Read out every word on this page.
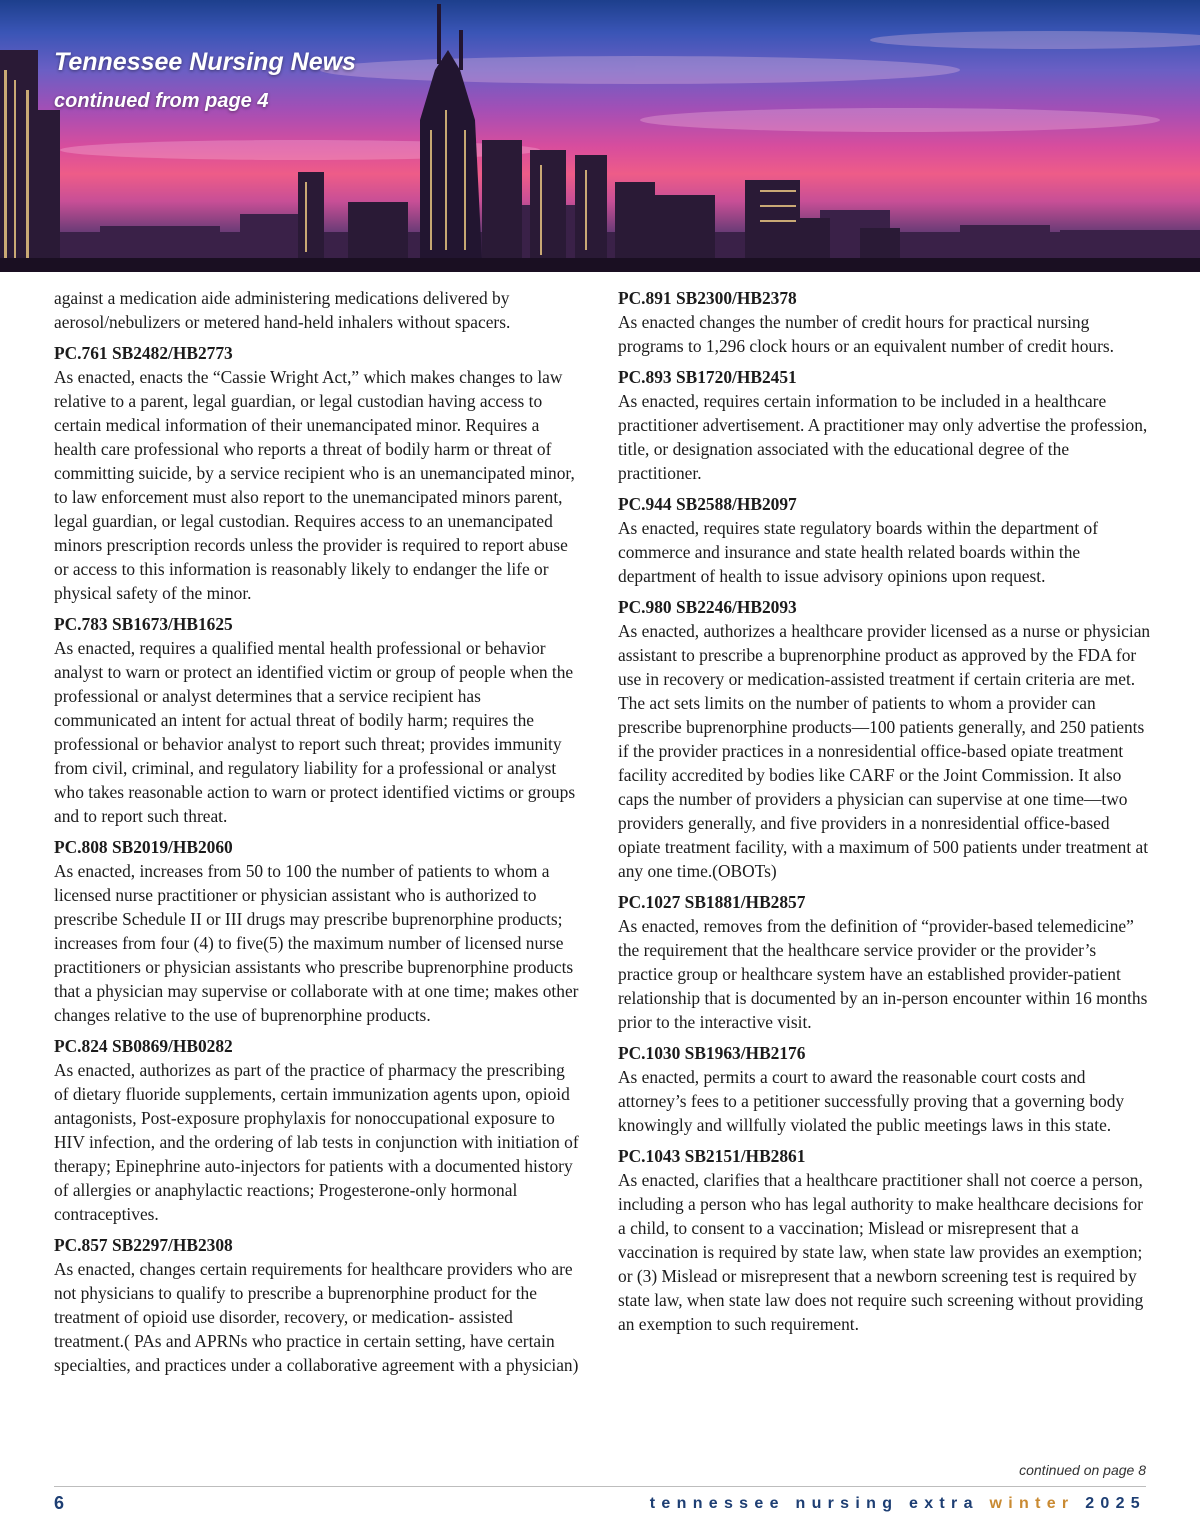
Tennessee Nursing News

continued from page 4

against a medication aide administering medications delivered by aerosol/nebulizers or metered hand-held inhalers without spacers.

PC.761 SB2482/HB2773
As enacted, enacts the “Cassie Wright Act,” which makes changes to law relative to a parent, legal guardian, or legal custodian having access to certain medical information of their unemancipated minor. Requires a health care professional who reports a threat of bodily harm or threat of committing suicide, by a service recipient who is an unemancipated minor, to law enforcement must also report to the unemancipated minors parent, legal guardian, or legal custodian. Requires access to an unemancipated minors prescription records unless the provider is required to report abuse or access to this information is reasonably likely to endanger the life or physical safety of the minor.
PC.783 SB1673/HB1625
As enacted, requires a qualified mental health professional or behavior analyst to warn or protect an identified victim or group of people when the professional or analyst determines that a service recipient has communicated an intent for actual threat of bodily harm; requires the professional or behavior analyst to report such threat; provides immunity from civil, criminal, and regulatory liability for a professional or analyst who takes reasonable action to warn or protect identified victims or groups and to report such threat.
PC.808 SB2019/HB2060
As enacted, increases from 50 to 100 the number of patients to whom a licensed nurse practitioner or physician assistant who is authorized to prescribe Schedule II or III drugs may prescribe buprenorphine products; increases from four (4) to five(5) the maximum number of licensed nurse practitioners or physician assistants who prescribe buprenorphine products that a physician may supervise or collaborate with at one time; makes other changes relative to the use of buprenorphine products.
PC.824 SB0869/HB0282
As enacted, authorizes as part of the practice of pharmacy the prescribing of dietary fluoride supplements, certain immunization agents upon, opioid antagonists, Post-exposure prophylaxis for nonoccupational exposure to HIV infection, and the ordering of lab tests in conjunction with initiation of therapy; Epinephrine auto-injectors for patients with a documented history of allergies or anaphylactic reactions; Progesterone-only hormonal contraceptives.
PC.857 SB2297/HB2308
As enacted, changes certain requirements for healthcare providers who are not physicians to qualify to prescribe a buprenorphine product for the treatment of opioid use disorder, recovery, or medication- assisted treatment.( PAs and APRNs who practice in certain setting, have certain specialties, and practices under a collaborative agreement with a physician)
PC.891 SB2300/HB2378
As enacted changes the number of credit hours for practical nursing programs to 1,296 clock hours or an equivalent number of credit hours.
PC.893 SB1720/HB2451
As enacted, requires certain information to be included in a healthcare practitioner advertisement. A practitioner may only advertise the profession, title, or designation associated with the educational degree of the practitioner.
PC.944 SB2588/HB2097
As enacted, requires state regulatory boards within the department of commerce and insurance and state health related boards within the department of health to issue advisory opinions upon request.
PC.980 SB2246/HB2093
As enacted, authorizes a healthcare provider licensed as a nurse or physician assistant to prescribe a buprenorphine product as approved by the FDA for use in recovery or medication-assisted treatment if certain criteria are met. The act sets limits on the number of patients to whom a provider can prescribe buprenorphine products—100 patients generally, and 250 patients if the provider practices in a nonresidential office-based opiate treatment facility accredited by bodies like CARF or the Joint Commission. It also caps the number of providers a physician can supervise at one time—two providers generally, and five providers in a nonresidential office-based opiate treatment facility, with a maximum of 500 patients under treatment at any one time.(OBOTs)
PC.1027 SB1881/HB2857
As enacted, removes from the definition of “provider-based telemedicine” the requirement that the healthcare service provider or the provider’s practice group or healthcare system have an established provider-patient relationship that is documented by an in-person encounter within 16 months prior to the interactive visit.
PC.1030 SB1963/HB2176
As enacted, permits a court to award the reasonable court costs and attorney’s fees to a petitioner successfully proving that a governing body knowingly and willfully violated the public meetings laws in this state.
PC.1043 SB2151/HB2861
As enacted, clarifies that a healthcare practitioner shall not coerce a person, including a person who has legal authority to make healthcare decisions for a child, to consent to a vaccination; Mislead or misrepresent that a vaccination is required by state law, when state law provides an exemption; or (3) Mislead or misrepresent that a newborn screening test is required by state law, when state law does not require such screening without providing an exemption to such requirement.
continued on page 8
6	tennessee nursing extra winter 2025
